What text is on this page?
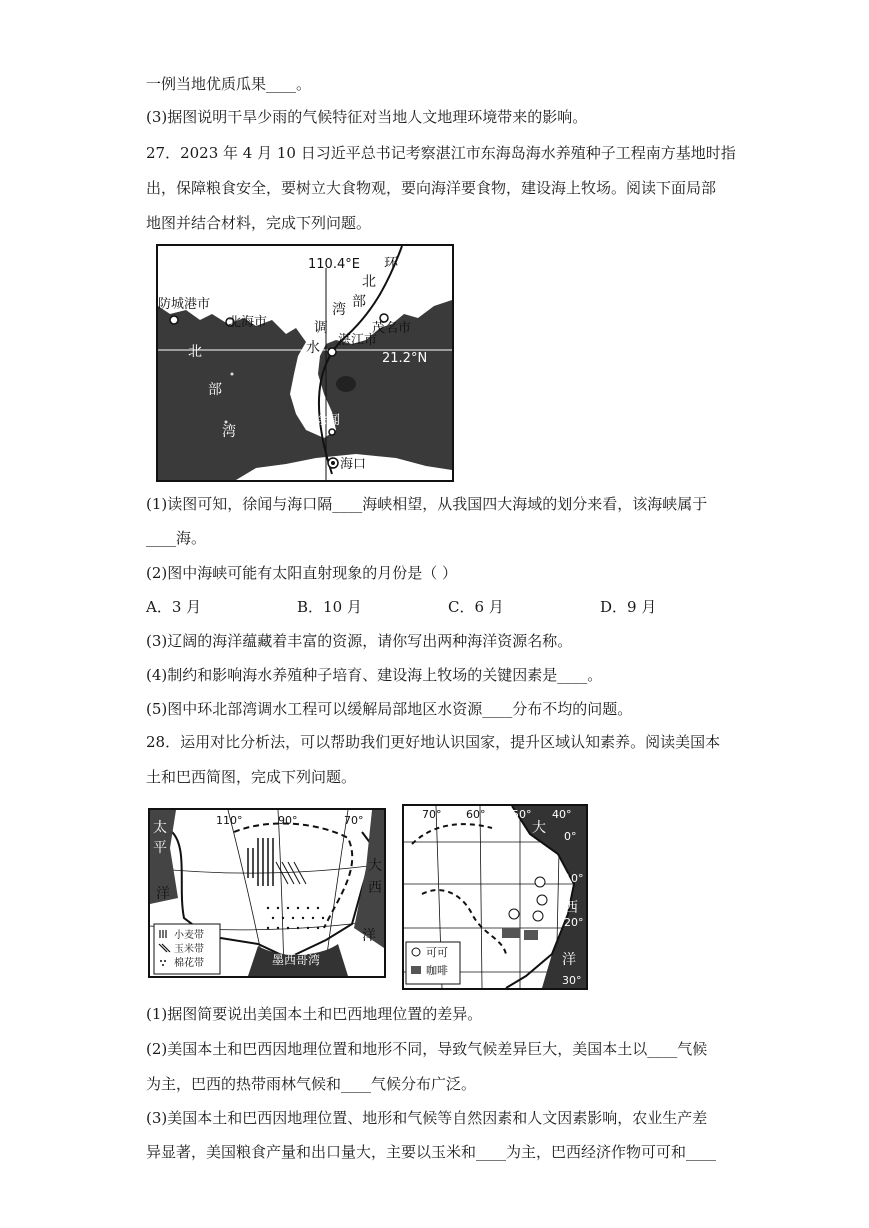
一例当地优质瓜果____。
(3)据图说明干旱少雨的气候特征对当地人文地理环境带来的影响。
27．2023 年 4 月 10 日习近平总书记考察湛江市东海岛海水养殖种子工程南方基地时指
出，保障粮食安全，要树立大食物观，要向海洋要食物，建设海上牧场。阅读下面局部
地图并结合材料，完成下列问题。
110.4°E
21.2°N
防城港市
北海市
湛江市
茂名市
徐闻
海口
北
部
湾
环
北
部
湾
调
水
工
程
(1)读图可知，徐闻与海口隔____海峡相望，从我国四大海域的划分来看，该海峡属于
____海。
(2)图中海峡可能有太阳直射现象的月份是（ ）
A．3 月	B．10 月	C．6 月	D．9 月
(3)辽阔的海洋蕴藏着丰富的资源，请你写出两种海洋资源名称。
(4)制约和影响海水养殖种子培育、建设海上牧场的关键因素是____。
(5)图中环北部湾调水工程可以缓解局部地区水资源____分布不均的问题。
28．运用对比分析法，可以帮助我们更好地认识国家，提升区域认知素养。阅读美国本
土和巴西简图，完成下列问题。
110°	90°	70°
太
平
洋
大
西
洋
墨西哥湾
小麦带
玉米带
棉花带
70° 60° 50° 40°
0°
10°
20°
30°
大
西
洋
可可
咖啡
(1)据图简要说出美国本土和巴西地理位置的差异。
(2)美国本土和巴西因地理位置和地形不同，导致气候差异巨大，美国本土以____气候
为主，巴西的热带雨林气候和____气候分布广泛。
(3)美国本土和巴西因地理位置、地形和气候等自然因素和人文因素影响，农业生产差
异显著，美国粮食产量和出口量大，主要以玉米和____为主，巴西经济作物可可和____
